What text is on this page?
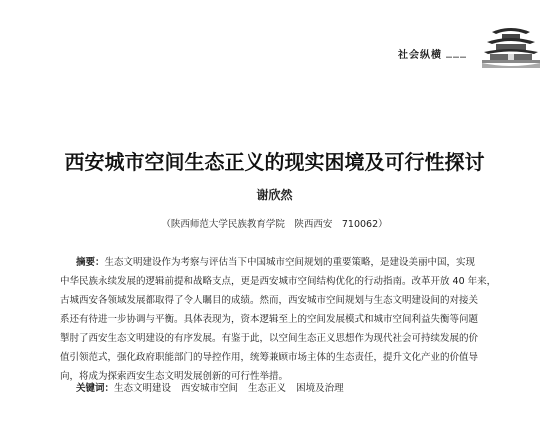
社会纵横 ………
西安城市空间生态正义的现实困境及可行性探讨
谢欣然
（陕西师范大学民族教育学院　陕西西安　710062）
摘要：生态文明建设作为考察与评估当下中国城市空间规划的重要策略，是建设美丽中国，实现
中华民族永续发展的逻辑前提和战略支点，更是西安城市空间结构优化的行动指南。改革开放 40 年来，
古城西安各领域发展都取得了令人瞩目的成绩。然而，西安城市空间规划与生态文明建设间的对接关
系还有待进一步协调与平衡。具体表现为，资本逻辑至上的空间发展模式和城市空间利益失衡等问题
掣肘了西安生态文明建设的有序发展。有鉴于此，以空间生态正义思想作为现代社会可持续发展的价
值引领范式，强化政府职能部门的导控作用，统筹兼顾市场主体的生态责任，提升文化产业的价值导
向，将成为探索西安生态文明发展创新的可行性举措。
关键词：生态文明建设 西安城市空间 生态正义 困境及治理
